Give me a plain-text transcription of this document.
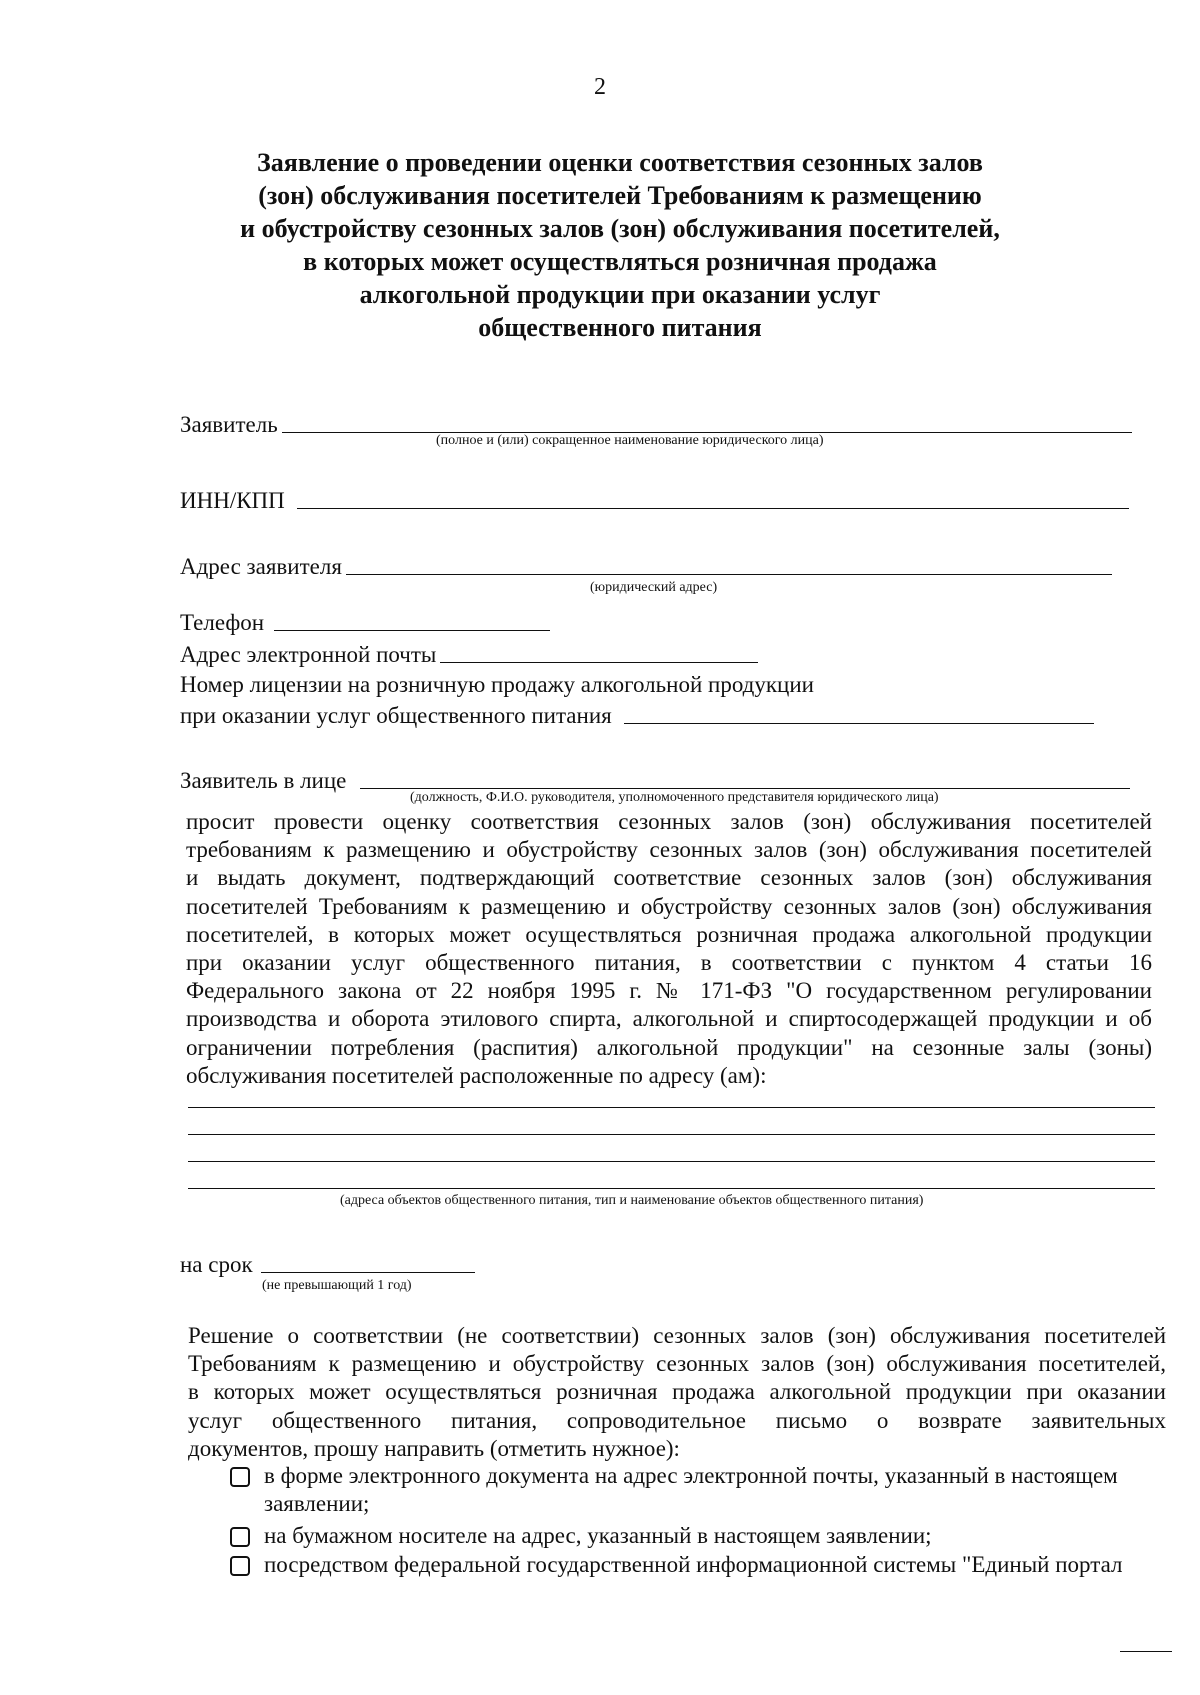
2
Заявление о проведении оценки соответствия сезонных залов
(зон) обслуживания посетителей Требованиям к размещению
и обустройству сезонных залов (зон) обслуживания посетителей,
в которых может осуществляться розничная продажа
алкогольной продукции при оказании услуг
общественного питания
Заявитель
(полное и (или) сокращенное наименование юридического лица)
ИНН/КПП
Адрес заявителя
(юридический адрес)
Телефон
Адрес электронной почты
Номер лицензии на розничную продажу алкогольной продукции
при оказании услуг общественного питания
Заявитель в лице
(должность, Ф.И.О. руководителя, уполномоченного представителя юридического лица)
просит провести оценку соответствия сезонных залов (зон) обслуживания посетителей
требованиям к размещению и обустройству сезонных залов (зон) обслуживания посетителей
и выдать документ, подтверждающий соответствие сезонных залов (зон) обслуживания
посетителей Требованиям к размещению и обустройству сезонных залов (зон) обслуживания
посетителей, в которых может осуществляться розничная продажа алкогольной продукции
при оказании услуг общественного питания, в соответствии с пунктом 4 статьи 16
Федерального закона от 22 ноября 1995 г. № 171-ФЗ "О государственном регулировании
производства и оборота этилового спирта, алкогольной и спиртосодержащей продукции и об
ограничении потребления (распития) алкогольной продукции" на сезонные залы (зоны)
обслуживания посетителей расположенные по адресу (ам):
(адреса объектов общественного питания, тип и наименование объектов общественного питания)
на срок
(не превышающий 1 год)
Решение о соответствии (не соответствии) сезонных залов (зон) обслуживания посетителей
Требованиям к размещению и обустройству сезонных залов (зон) обслуживания посетителей,
в которых может осуществляться розничная продажа алкогольной продукции при оказании
услуг общественного питания, сопроводительное письмо о возврате заявительных
документов, прошу направить (отметить нужное):
в форме электронного документа на адрес электронной почты, указанный в настоящем
заявлении;
на бумажном носителе на адрес, указанный в настоящем заявлении;
посредством федеральной государственной информационной системы "Единый портал
